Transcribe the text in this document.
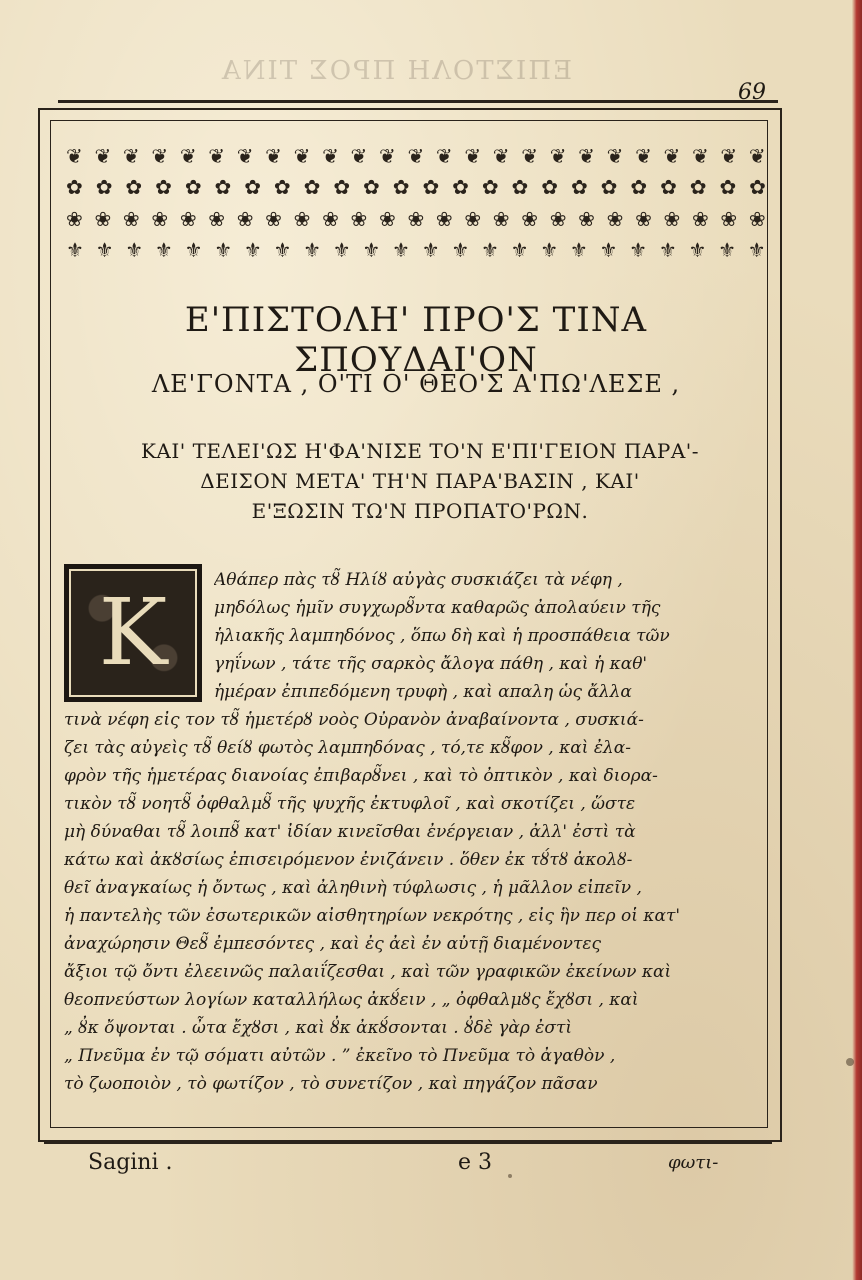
ΕΠΙΣΤΟΛΗ ΠΡΟΣ ΤΙΝΑ
69
❦ ❦ ❦ ❦ ❦ ❦ ❦ ❦ ❦ ❦ ❦ ❦ ❦ ❦ ❦ ❦ ❦ ❦ ❦ ❦ ❦ ❦ ❦ ❦ ❦
✿ ✿ ✿ ✿ ✿ ✿ ✿ ✿ ✿ ✿ ✿ ✿ ✿ ✿ ✿ ✿ ✿ ✿ ✿ ✿ ✿ ✿ ✿ ✿
❀ ❀ ❀ ❀ ❀ ❀ ❀ ❀ ❀ ❀ ❀ ❀ ❀ ❀ ❀ ❀ ❀ ❀ ❀ ❀ ❀ ❀ ❀ ❀ ❀
⚜ ⚜ ⚜ ⚜ ⚜ ⚜ ⚜ ⚜ ⚜ ⚜ ⚜ ⚜ ⚜ ⚜ ⚜ ⚜ ⚜ ⚜ ⚜ ⚜ ⚜ ⚜ ⚜ ⚜
Ε'ΠΙΣΤΟΛΗ' ΠΡΟ'Σ ΤΙΝΑ ΣΠΟΥΔΑΙ'ΟΝ
ΛΕ'ΓΟΝΤΑ , Ο'ΤΙ Ο' ΘΕΟ'Σ Α'ΠΩ'ΛΕΣΕ ,
ΚΑΙ' ΤΕΛΕΙ'ΩΣ Η'ΦΑ'ΝΙΣΕ ΤΟ'Ν Ε'ΠΙ'ΓΕΙΟΝ ΠΑΡΑ'-
ΔΕΙΣΟΝ ΜΕΤΑ' ΤΗ'Ν ΠΑΡΑ'ΒΑΣΙΝ , ΚΑΙ'
Ε'ΞΩΣΙΝ ΤΩ'Ν ΠΡΟΠΑΤΟ'ΡΩΝ.
K	Αθάπερ πὰς τȣ̃ Ηλίȣ αὐγὰς συσκιάζει τὰ νέφη ,
μηδόλως ἡμῖν συγχωρȣ̃ντα καθαρῶς ἀπολαύειν τῆς
ἡλιακῆς λαμπηδόνος , ὅπω δὴ καὶ ἡ προσπάθεια τῶν
γηΐνων , τάτε τῆς σαρκὸς ἄλογα πάθη , καὶ ἡ καθ'
ἡμέραν ἐπιπεδόμενη τρυφὴ , καὶ απαλη ὡς ἄλλα
τινὰ νέφη εἰς τον τȣ̃ ἡμετέρȣ νοὸς Οὐρανὸν ἀναβαίνοντα , συσκιά-
ζει τὰς αὐγεὶς τȣ̃ θείȣ φωτὸς λαμπηδόνας , τό,τε κȣ̃φον , καὶ ἐλα-
φρὸν τῆς ἡμετέρας διανοίας ἐπιβαρȣ̃νει , καὶ τὸ ὀπτικὸν , καὶ διορα-
τικὸν τȣ̃ νοητȣ̃ ὀφθαλμȣ̃ τῆς ψυχῆς ἐκτυφλοῖ , καὶ σκοτίζει , ὥστε
μὴ δύναθαι τȣ̃ λοιπȣ̃ κατ' ἰδίαν κινεῖσθαι ἐνέργειαν , ἀλλ' ἐστὶ τὰ
κάτω καὶ ἀκȣσίως ἐπισειρόμενον ἐνιζάνειν . ὅθεν ἐκ τȣ́τȣ ἀκολȣ-
θεῖ ἀναγκαίως ἡ ὄντως , καὶ ἀληθινὴ τύφλωσις , ἡ μᾶλλον εἰπεῖν ,
ἡ παντελὴς τῶν ἐσωτερικῶν αἰσθητηρίων νεκρότης , εἰς ἣν περ οἱ κατ'
ἀναχώρησιν Θεȣ̃ ἐμπεσόντες , καὶ ἐς ἀεὶ ἐν αὐτῇ διαμένοντες
ἄξιοι τῷ ὄντι ἐλεεινῶς παλαιΐζεσθαι , καὶ τῶν γραφικῶν ἐκείνων καὶ
θεοπνεύστων λογίων καταλλήλως ἀκȣ́ειν , „ ὀφθαλμȣς ἔχȣσι , καὶ
„ ȣ̓κ ὄψονται . ὦτα ἔχȣσι , καὶ ȣ̓κ ἀκȣ́σονται . ȣ̓δὲ γὰρ ἐστὶ
„ Πνεῦμα ἐν τῷ σόματι αὐτῶν . ” ἐκεῖνο τὸ Πνεῦμα τὸ ἀγαθὸν ,
τὸ ζωοποιὸν , τὸ φωτίζον , τὸ συνετίζον , καὶ πηγάζον πᾶσαν
Sagini .	e 3	φωτι-
